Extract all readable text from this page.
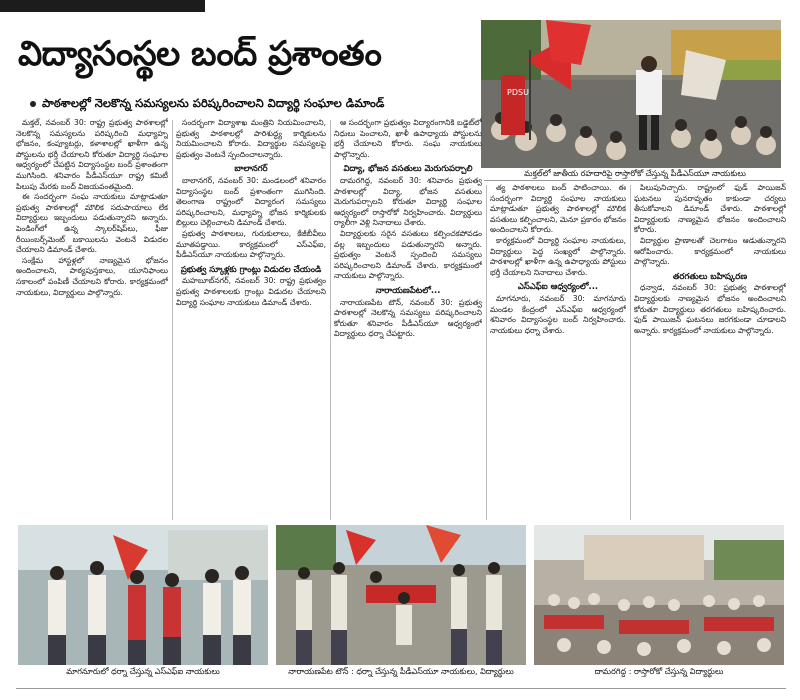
విద్యాసంస్థల బంద్‌ ప్రశాంతం
పాఠశాలల్లో నెలకొన్న సమస్యలను పరిష్కరించాలని విద్యార్థి సంఘాల డిమాండ్‌
PDSU
మక్తల్‌లో జాతీయ రహదారిపై రాస్తారోకో చేస్తున్న పీడీఎస్‌యూ నాయకులు

మక్తల్‌, నవంబర్‌ 30: రాష్ట్ర ప్రభుత్వ పాఠశాలల్లో నెలకొన్న సమస్యలను పరిష్కరించి మధ్యాహ్న భోజనం, కంప్యూటర్లు, కళాశాలల్లో ఖాళీగా ఉన్న పోస్టులను భర్తీ చేయాలని కోరుతూ విద్యార్థి సంఘాల ఆధ్వర్యంలో చేపట్టిన విద్యాసంస్థల బంద్‌ ప్రశాంతంగా ముగిసింది. శనివారం పీడీఎస్‌యూ రాష్ట్ర కమిటీ పిలుపు మేరకు బంద్‌ విజయవంతమైంది.

ఈ సందర్భంగా సంఘ నాయకులు మాట్లాడుతూ ప్రభుత్వ పాఠశాలల్లో మౌలిక సదుపాయాలు లేక విద్యార్థులు ఇబ్బందులు పడుతున్నారని అన్నారు. పెండింగ్‌లో ఉన్న స్కాలర్‌షిప్‌లు, ఫీజు రీయింబర్స్‌మెంట్‌ బకాయిలను వెంటనే విడుదల చేయాలని డిమాండ్‌ చేశారు.

సంక్షేమ హాస్టళ్లలో నాణ్యమైన భోజనం అందించాలని, పాఠ్యపుస్తకాలు, యూనిఫాంలు సకాలంలో పంపిణీ చేయాలని కోరారు. కార్యక్రమంలో నాయకులు, విద్యార్థులు పాల్గొన్నారు.

సందర్భంగా విద్యాశాఖ మంత్రిని నియమించాలని, ప్రభుత్వ పాఠశాలల్లో పారిశుద్ధ్య కార్మికులను నియమించాలని కోరారు. విద్యార్థుల సమస్యలపై ప్రభుత్వం వెంటనే స్పందించాలన్నారు.

బాలానగర్‌

బాలానగర్‌, నవంబర్‌ 30: మండలంలో శనివారం విద్యాసంస్థల బంద్‌ ప్రశాంతంగా ముగిసింది. తెలంగాణ రాష్ట్రంలో విద్యారంగ సమస్యలు పరిష్కరించాలని, మధ్యాహ్న భోజన కార్మికులకు బిల్లులు చెల్లించాలని డిమాండ్‌ చేశారు.

ప్రభుత్వ పాఠశాలలు, గురుకులాలు, కేజీబీవీలు మూతపడ్డాయి. కార్యక్రమంలో ఎస్‌ఎఫ్‌ఐ, పీడీఎస్‌యూ నాయకులు పాల్గొన్నారు.

ప్రభుత్వ స్కూళ్లకు గ్రాంట్లు విడుదల చేయండి

మహబూబ్‌నగర్‌, నవంబర్‌ 30: రాష్ట్ర ప్రభుత్వం ప్రభుత్వ పాఠశాలలకు గ్రాంట్లు విడుదల చేయాలని విద్యార్థి సంఘాల నాయకులు డిమాండ్‌ చేశారు.

ఆ సందర్భంగా ప్రభుత్వం విద్యారంగానికి బడ్జెట్‌లో నిధులు పెంచాలని, ఖాళీ ఉపాధ్యాయ పోస్టులను భర్తీ చేయాలని కోరారు. సంఘ నాయకులు పాల్గొన్నారు.

విద్యా, భోజన వసతులు మెరుగుపర్చాలి

దామరగిద్ద, నవంబర్‌ 30: శనివారం ప్రభుత్వ పాఠశాలల్లో విద్యా, భోజన వసతులు మెరుగుపర్చాలని కోరుతూ విద్యార్థి సంఘాల ఆధ్వర్యంలో రాస్తారోకో నిర్వహించారు. విద్యార్థులు ర్యాలీగా వెళ్లి నినాదాలు చేశారు.

విద్యార్థులకు సరైన వసతులు కల్పించకపోవడం వల్ల ఇబ్బందులు పడుతున్నారని అన్నారు. ప్రభుత్వం వెంటనే స్పందించి సమస్యలు పరిష్కరించాలని డిమాండ్‌ చేశారు. కార్యక్రమంలో నాయకులు పాల్గొన్నారు.

నారాయణపేటలో...

నారాయణపేట టౌన్‌, నవంబర్‌ 30: ప్రభుత్వ పాఠశాలల్లో నెలకొన్న సమస్యలు పరిష్కరించాలని కోరుతూ శనివారం పీడీఎస్‌యూ ఆధ్వర్యంలో విద్యార్థులు ధర్నా చేపట్టారు.

త్య పాఠశాలలు బంద్‌ పాటించాయి. ఈ సందర్భంగా విద్యార్థి సంఘాల నాయకులు మాట్లాడుతూ ప్రభుత్వ పాఠశాలల్లో మౌలిక వసతులు కల్పించాలని, మెనూ ప్రకారం భోజనం అందించాలని కోరారు.

కార్యక్రమంలో విద్యార్థి సంఘాల నాయకులు, విద్యార్థులు పెద్ద సంఖ్యలో పాల్గొన్నారు. పాఠశాలల్లో ఖాళీగా ఉన్న ఉపాధ్యాయ పోస్టులు భర్తీ చేయాలని నినాదాలు చేశారు.

ఎస్‌ఎఫ్‌ఐ ఆధ్వర్యంలో...

మాగనూరు, నవంబర్‌ 30: మాగనూరు మండల కేంద్రంలో ఎస్‌ఎఫ్‌ఐ ఆధ్వర్యంలో శనివారం విద్యాసంస్థల బంద్‌ నిర్వహించారు. నాయకులు ధర్నా చేశారు.

పిలుపునిచ్చారు. రాష్ట్రంలో ఫుడ్‌ పాయిజన్‌ ఘటనలు పునరావృతం కాకుండా చర్యలు తీసుకోవాలని డిమాండ్‌ చేశారు. పాఠశాలల్లో విద్యార్థులకు నాణ్యమైన భోజనం అందించాలని కోరారు.

విద్యార్థుల ప్రాణాలతో చెలగాటం ఆడుతున్నారని ఆరోపించారు. కార్యక్రమంలో నాయకులు పాల్గొన్నారు.

తరగతులు బహిష్కరణ

ధన్వాడ, నవంబర్‌ 30: ప్రభుత్వ పాఠశాలల్లో విద్యార్థులకు నాణ్యమైన భోజనం అందించాలని కోరుతూ విద్యార్థులు తరగతులు బహిష్కరించారు. ఫుడ్‌ పాయిజన్‌ ఘటనలు జరగకుండా చూడాలని అన్నారు. కార్యక్రమంలో నాయకులు పాల్గొన్నారు.

మాగనూరులో ధర్నా చేస్తున్న ఎస్‌ఎఫ్‌ఐ నాయకులు	నారాయణపేట టౌన్‌ : ధర్నా చేస్తున్న పీడీఎస్‌యూ నాయకులు, విద్యార్థులు	దామరగిద్ద : రాస్తారోకో చేస్తున్న విద్యార్థులు
